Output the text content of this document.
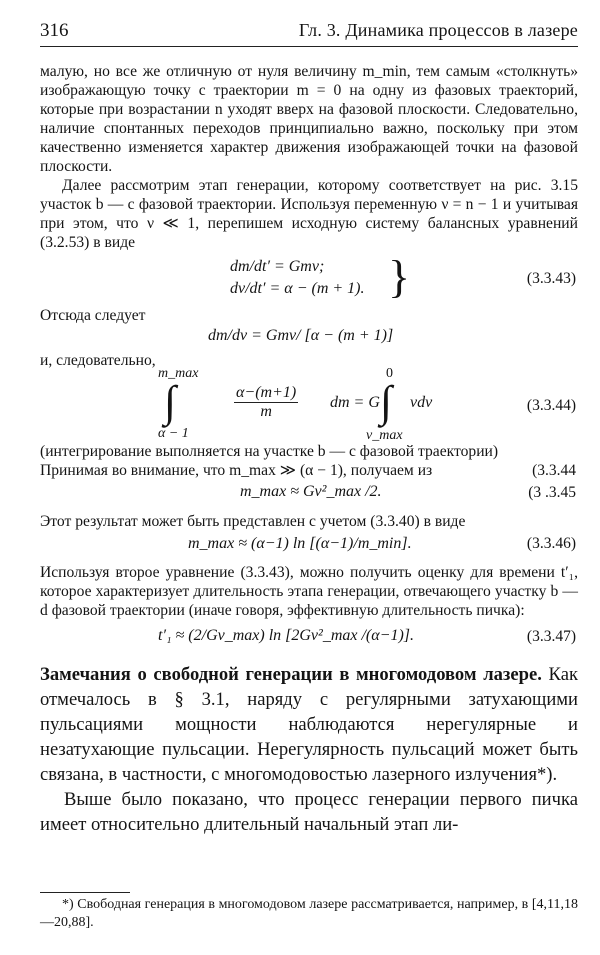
316	Гл. 3. Динамика процессов в лазере

малую, но все же отличную от нуля величину m_min, тем самым «столкнуть» изображающую точку с траектории m = 0 на одну из фазовых траекторий, которые при возрастании n уходят вверх на фазовой плоскости. Следовательно, наличие спонтанных переходов принципиально важно, поскольку при этом качественно изменяется характер движения изображающей точки на фазовой плоскости.

Далее рассмотрим этап генерации, которому соответствует на рис. 3.15 участок b — c фазовой траектории. Используя переменную ν = n − 1 и учитывая при этом, что ν ≪ 1, перепишем исходную систему балансных уравнений (3.2.53) в виде

dm/dt′ = Gmν;
dν/dt′ = α − (m + 1). }	(3.3.43)

Отсюда следует

dm/dν = Gmν/ [α − (m + 1)]

и, следовательно,

m_max
∫
α − 1
$\frac{\alpha-(m+1)}{m}$ dm = G
0
∫
ν_max
νdν	(3.3.44)

(интегрирование выполняется на участке b — c фазовой траектории)

Принимая во внимание, что m_max ≫ (α − 1), получаем из	(3.3.44
m_max ≈ Gν²_max /2.	(3 .3.45

Этот результат может быть представлен с учетом (3.3.40) в виде

m_max ≈ (α−1) ln [(α−1)/m_min].	(3.3.46)

Используя второе уравнение (3.3.43), можно получить оценку для времени t′₁, которое характеризует длительность этапа генерации, отвечающего участку b — d фазовой траектории (иначе говоря, эффективную длительность пичка):

t′₁ ≈ (2/Gν_max) ln [2Gν²_max /(α−1)].	(3.3.47)

Замечания о свободной генерации в многомодовом лазере. Как отмечалось в § 3.1, наряду с регулярными затухающими пульсациями мощности наблюдаются нерегулярные и незатухающие пульсации. Нерегулярность пульсаций может быть связана, в частности, с многомодовостью лазерного излучения*).

Выше было показано, что процесс генерации первого пичка имеет относительно длительный начальный этап ли-

*) Свободная генерация в многомодовом лазере рассматривается, например, в [4,11,18—20,88].
